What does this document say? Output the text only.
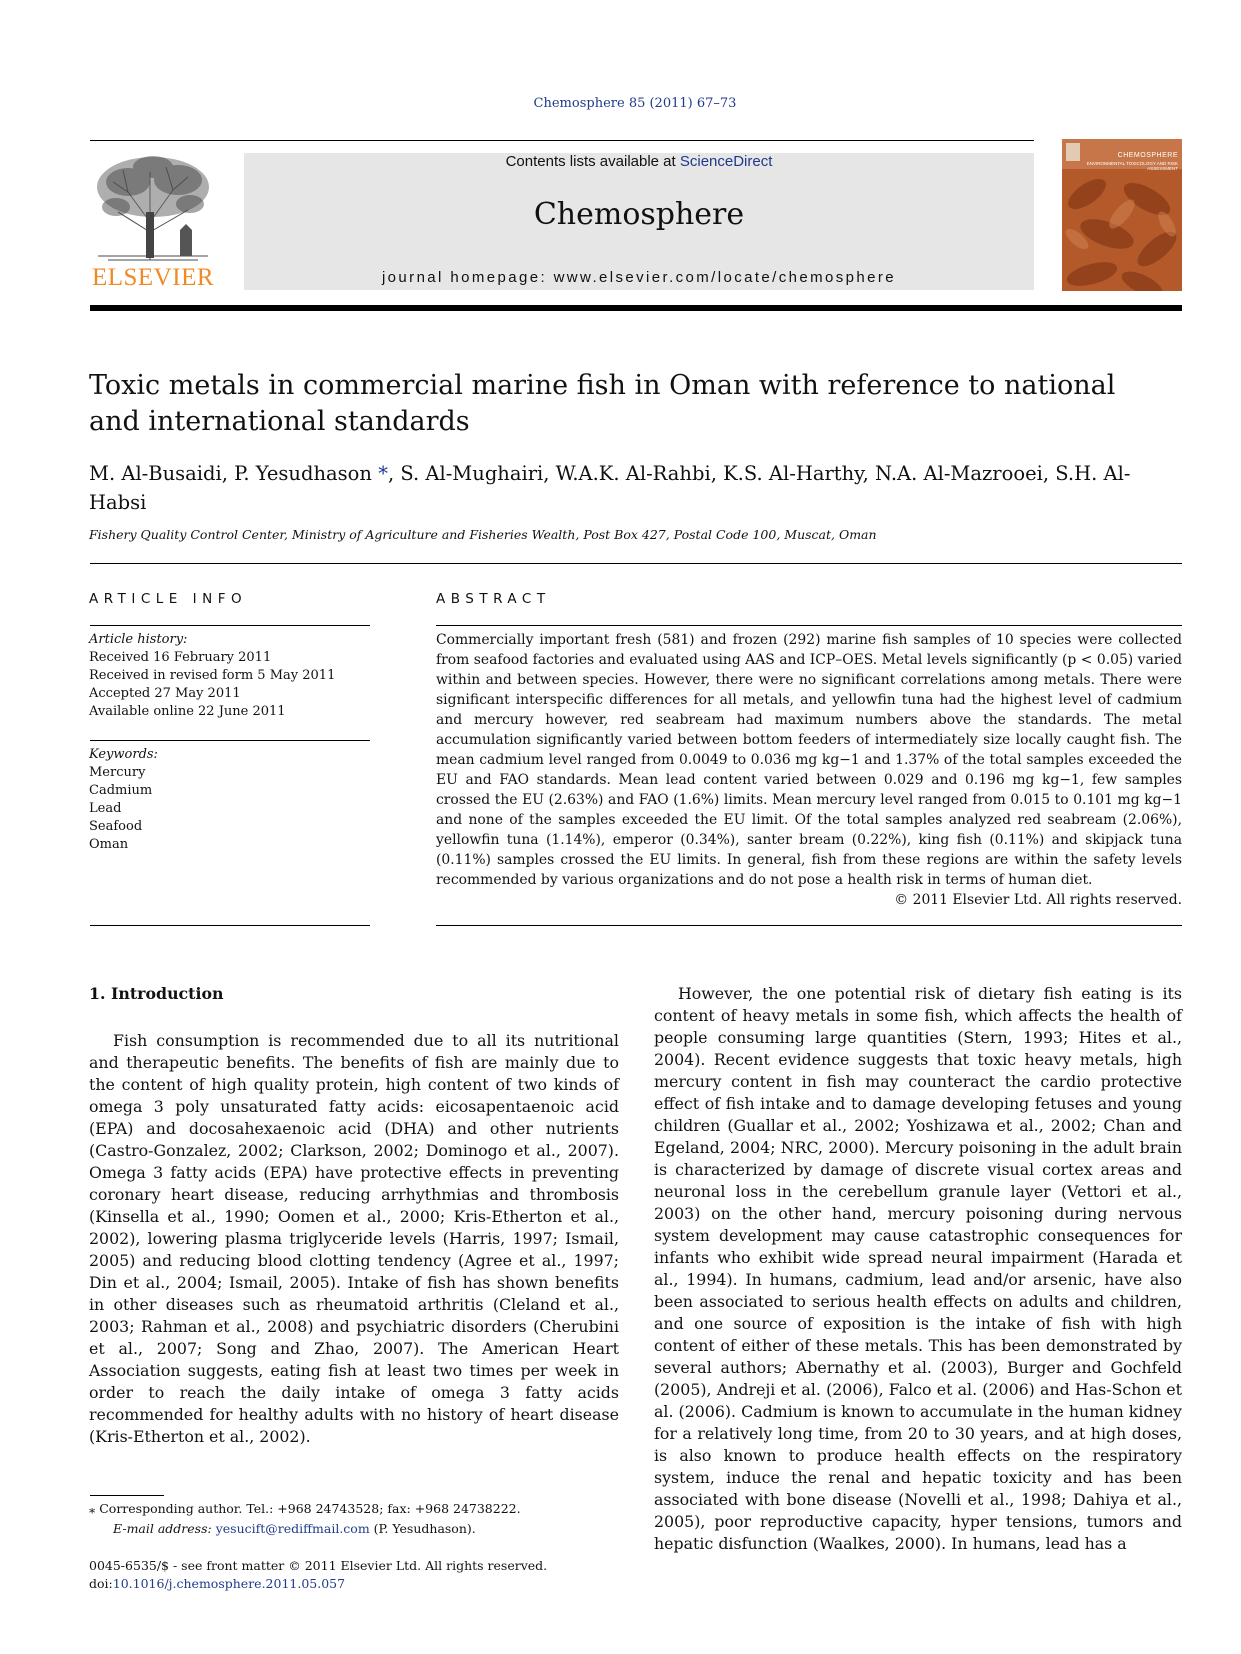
Chemosphere 85 (2011) 67–73
ELSEVIER
Contents lists available at ScienceDirect
Chemosphere
journal homepage: www.elsevier.com/locate/chemosphere
CHEMOSPHERE
ENVIRONMENTAL TOXICOLOGY AND RISK ASSESSMENT
Toxic metals in commercial marine fish in Oman with reference to national and international standards
M. Al-Busaidi, P. Yesudhason *, S. Al-Mughairi, W.A.K. Al-Rahbi, K.S. Al-Harthy, N.A. Al-Mazrooei, S.H. Al-Habsi
Fishery Quality Control Center, Ministry of Agriculture and Fisheries Wealth, Post Box 427, Postal Code 100, Muscat, Oman
ARTICLE INFO	ABSTRACT
Article history:
Received 16 February 2011
Received in revised form 5 May 2011
Accepted 27 May 2011
Available online 22 June 2011
Keywords:
Mercury
Cadmium
Lead
Seafood
Oman
Commercially important fresh (581) and frozen (292) marine fish samples of 10 species were collected from seafood factories and evaluated using AAS and ICP–OES. Metal levels significantly (p < 0.05) varied within and between species. However, there were no significant correlations among metals. There were significant interspecific differences for all metals, and yellowfin tuna had the highest level of cadmium and mercury however, red seabream had maximum numbers above the standards. The metal accumulation significantly varied between bottom feeders of intermediately size locally caught fish. The mean cadmium level ranged from 0.0049 to 0.036 mg kg−1 and 1.37% of the total samples exceeded the EU and FAO standards. Mean lead content varied between 0.029 and 0.196 mg kg−1, few samples crossed the EU (2.63%) and FAO (1.6%) limits. Mean mercury level ranged from 0.015 to 0.101 mg kg−1 and none of the samples exceeded the EU limit. Of the total samples analyzed red seabream (2.06%), yellowfin tuna (1.14%), emperor (0.34%), santer bream (0.22%), king fish (0.11%) and skipjack tuna (0.11%) samples crossed the EU limits. In general, fish from these regions are within the safety levels recommended by various organizations and do not pose a health risk in terms of human diet.
© 2011 Elsevier Ltd. All rights reserved.
1. Introduction

Fish consumption is recommended due to all its nutritional and therapeutic benefits. The benefits of fish are mainly due to the content of high quality protein, high content of two kinds of omega 3 poly unsaturated fatty acids: eicosapentaenoic acid (EPA) and docosahexaenoic acid (DHA) and other nutrients (Castro-Gonzalez, 2002; Clarkson, 2002; Dominogo et al., 2007). Omega 3 fatty acids (EPA) have protective effects in preventing coronary heart disease, reducing arrhythmias and thrombosis (Kinsella et al., 1990; Oomen et al., 2000; Kris-Etherton et al., 2002), lowering plasma triglyceride levels (Harris, 1997; Ismail, 2005) and reducing blood clotting tendency (Agree et al., 1997; Din et al., 2004; Ismail, 2005). Intake of fish has shown benefits in other diseases such as rheumatoid arthritis (Cleland et al., 2003; Rahman et al., 2008) and psychiatric disorders (Cherubini et al., 2007; Song and Zhao, 2007). The American Heart Association suggests, eating fish at least two times per week in order to reach the daily intake of omega 3 fatty acids recommended for healthy adults with no history of heart disease (Kris-Etherton et al., 2002).

However, the one potential risk of dietary fish eating is its content of heavy metals in some fish, which affects the health of people consuming large quantities (Stern, 1993; Hites et al., 2004). Recent evidence suggests that toxic heavy metals, high mercury content in fish may counteract the cardio protective effect of fish intake and to damage developing fetuses and young children (Guallar et al., 2002; Yoshizawa et al., 2002; Chan and Egeland, 2004; NRC, 2000). Mercury poisoning in the adult brain is characterized by damage of discrete visual cortex areas and neuronal loss in the cerebellum granule layer (Vettori et al., 2003) on the other hand, mercury poisoning during nervous system development may cause catastrophic consequences for infants who exhibit wide spread neural impairment (Harada et al., 1994). In humans, cadmium, lead and/or arsenic, have also been associated to serious health effects on adults and children, and one source of exposition is the intake of fish with high content of either of these metals. This has been demonstrated by several authors; Abernathy et al. (2003), Burger and Gochfeld (2005), Andreji et al. (2006), Falco et al. (2006) and Has-Schon et al. (2006). Cadmium is known to accumulate in the human kidney for a relatively long time, from 20 to 30 years, and at high doses, is also known to produce health effects on the respiratory system, induce the renal and hepatic toxicity and has been associated with bone disease (Novelli et al., 1998; Dahiya et al., 2005), poor reproductive capacity, hyper tensions, tumors and hepatic disfunction (Waalkes, 2000). In humans, lead has a

⁎ Corresponding author. Tel.: +968 24743528; fax: +968 24738222.
E-mail address: yesucift@rediffmail.com (P. Yesudhason).
0045-6535/$ - see front matter © 2011 Elsevier Ltd. All rights reserved.
doi:10.1016/j.chemosphere.2011.05.057
